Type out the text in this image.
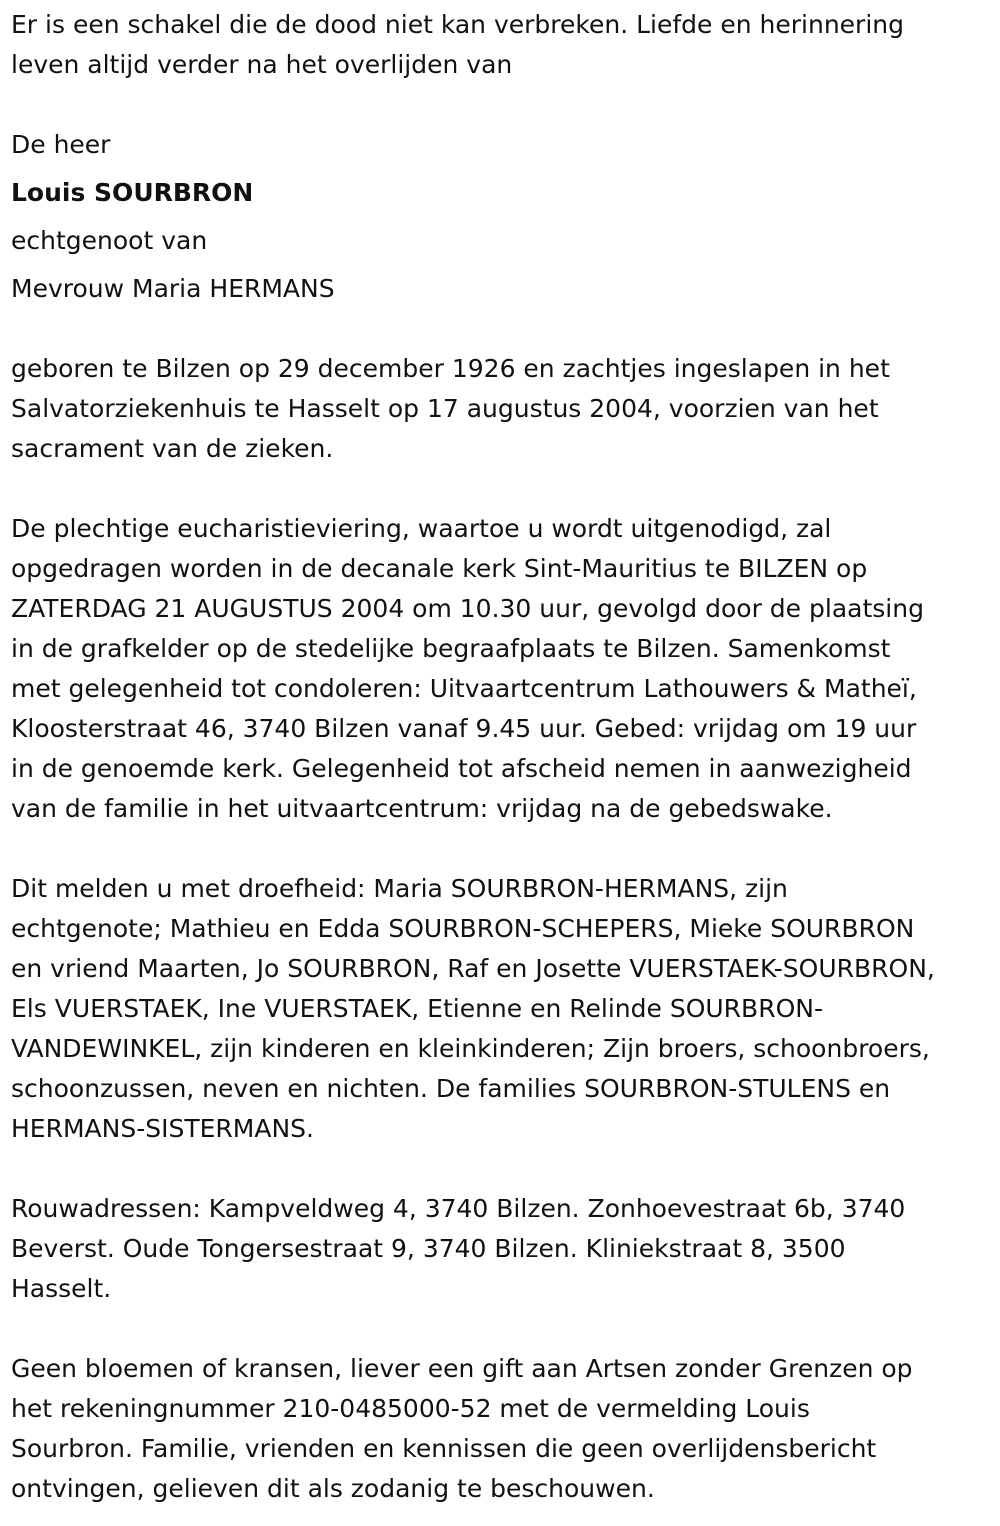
Er is een schakel die de dood niet kan verbreken. Liefde en herinnering
leven altijd verder na het overlijden van
De heer
Louis SOURBRON
echtgenoot van
Mevrouw Maria HERMANS
geboren te Bilzen op 29 december 1926 en zachtjes ingeslapen in het
Salvatorziekenhuis te Hasselt op 17 augustus 2004, voorzien van het
sacrament van de zieken.
De plechtige eucharistieviering, waartoe u wordt uitgenodigd, zal
opgedragen worden in de decanale kerk Sint-Mauritius te BILZEN op
ZATERDAG 21 AUGUSTUS 2004 om 10.30 uur, gevolgd door de plaatsing
in de grafkelder op de stedelijke begraafplaats te Bilzen. Samenkomst
met gelegenheid tot condoleren: Uitvaartcentrum Lathouwers & Matheï,
Kloosterstraat 46, 3740 Bilzen vanaf 9.45 uur. Gebed: vrijdag om 19 uur
in de genoemde kerk. Gelegenheid tot afscheid nemen in aanwezigheid
van de familie in het uitvaartcentrum: vrijdag na de gebedswake.
Dit melden u met droefheid: Maria SOURBRON-HERMANS, zijn
echtgenote; Mathieu en Edda SOURBRON-SCHEPERS, Mieke SOURBRON
en vriend Maarten, Jo SOURBRON, Raf en Josette VUERSTAEK-SOURBRON,
Els VUERSTAEK, Ine VUERSTAEK, Etienne en Relinde SOURBRON-
VANDEWINKEL, zijn kinderen en kleinkinderen; Zijn broers, schoonbroers,
schoonzussen, neven en nichten. De families SOURBRON-STULENS en
HERMANS-SISTERMANS.
Rouwadressen: Kampveldweg 4, 3740 Bilzen. Zonhoevestraat 6b, 3740
Beverst. Oude Tongersestraat 9, 3740 Bilzen. Kliniekstraat 8, 3500
Hasselt.
Geen bloemen of kransen, liever een gift aan Artsen zonder Grenzen op
het rekeningnummer 210-0485000-52 met de vermelding Louis
Sourbron. Familie, vrienden en kennissen die geen overlijdensbericht
ontvingen, gelieven dit als zodanig te beschouwen.
